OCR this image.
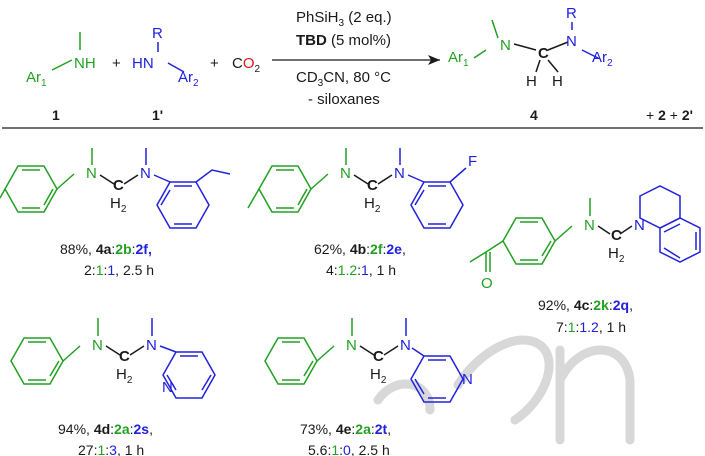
NH
$Ar_1$
1
+
R
HN
$Ar_2$
1'
+ $CO_2$
PhSiH$_3$ (2 eq.)
TBD (5 mol%)
$CD_3CN$, 80 °C
- siloxanes
N C
H H
R
N
$Ar_1$	$Ar_2$
4	+ 2 + 2'
N
C
$H_2$
N
88%, 4a:2b:2f,
2:1:1, 2.5 h
N
C
$H_2$
N
F
62%, 4b:2f:2e,
4:1.2:1, 1 h
N
C
$H_2$
N
O
92%, 4c:2k:2q,
7:1:1.2, 1 h
N
C
$H_2$
N
N
94%, 4d:2a:2s,
27:1:3, 1 h
N
C
$H_2$
N
N
73%, 4e:2a:2t,
5.6:1:0, 2.5 h
